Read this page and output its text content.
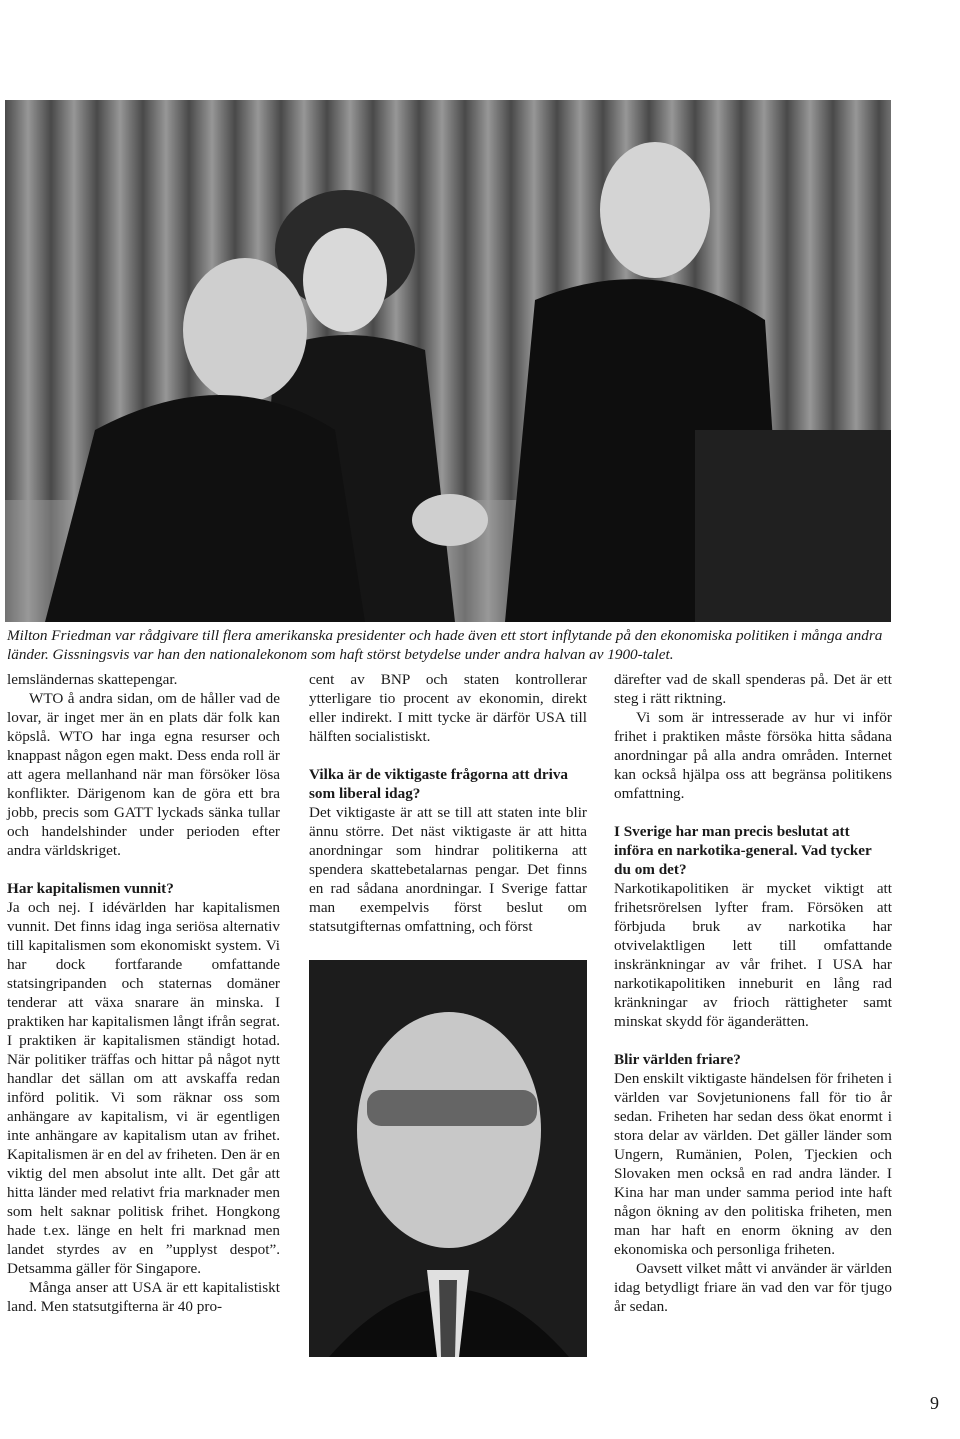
Milton Friedman var rådgivare till flera amerikanska presidenter och hade även ett stort inflytande på den ekonomiska politiken i många andra länder. Gissningsvis var han den nationalekonom som haft störst betydelse under andra halvan av 1900-talet.

lemsländernas skattepengar.

WTO å andra sidan, om de håller vad de lovar, är inget mer än en plats där folk kan köpslå. WTO har inga egna resurser och knappast någon egen makt. Dess enda roll är att agera mellanhand när man försöker lösa konflikter. Därigenom kan de göra ett bra jobb, precis som GATT lyckads sänka tullar och handelshinder under perioden efter andra världskriget.

Har kapitalismen vunnit?

Ja och nej. I idévärlden har kapitalismen vunnit. Det finns idag inga seriösa alternativ till kapitalismen som ekonomiskt system. Vi har dock fortfarande omfattande statsingripanden och staternas domäner tenderar att växa snarare än minska. I praktiken har kapitalismen långt ifrån segrat. I praktiken är kapitalismen ständigt hotad. När politiker träffas och hittar på något nytt handlar det sällan om att avskaffa redan införd politik. Vi som räknar oss som anhängare av kapitalism, vi är egentligen inte anhängare av kapitalism utan av frihet. Kapitalismen är en del av friheten. Den är en viktig del men absolut inte allt. Det går att hitta länder med relativt fria marknader men som helt saknar politisk frihet. Hongkong hade t.ex. länge en helt fri marknad men landet styrdes av en ”upplyst despot”. Detsamma gäller för Singapore.

Många anser att USA är ett kapitalistiskt land. Men statsutgifterna är 40 pro-

cent av BNP och staten kontrollerar ytterligare tio procent av ekonomin, direkt eller indirekt. I mitt tycke är därför USA till hälften socialistiskt.

Vilka är de viktigaste frågorna att driva som liberal idag?

Det viktigaste är att se till att staten inte blir ännu större. Det näst viktigaste är att hitta anordningar som hindrar politikerna att spendera skattebetalarnas pengar. Det finns en rad sådana anordningar. I Sverige fattar man exempelvis först beslut om statsutgifternas omfattning, och först

därefter vad de skall spenderas på. Det är ett steg i rätt riktning.

Vi som är intresserade av hur vi inför frihet i praktiken måste försöka hitta sådana anordningar på alla andra områden. Internet kan också hjälpa oss att begränsa politikens omfattning.

I Sverige har man precis beslutat att införa en narkotika-general. Vad tycker du om det?

Narkotikapolitiken är mycket viktigt att frihetsrörelsen lyfter fram. Försöken att förbjuda bruk av narkotika har otvivelaktligen lett till omfattande inskränkningar av vår frihet. I USA har narkotikapolitiken inneburit en lång rad kränkningar av frioch rättigheter samt minskat skydd för äganderätten.

Blir världen friare?

Den enskilt viktigaste händelsen för friheten i världen var Sovjetunionens fall för tio år sedan. Friheten har sedan dess ökat enormt i stora delar av världen. Det gäller länder som Ungern, Rumänien, Polen, Tjeckien och Slovaken men också en rad andra länder. I Kina har man under samma period inte haft någon ökning av den politiska friheten, men man har haft en enorm ökning av den ekonomiska och personliga friheten.

Oavsett vilket mått vi använder är världen idag betydligt friare än vad den var för tjugo år sedan.

9
